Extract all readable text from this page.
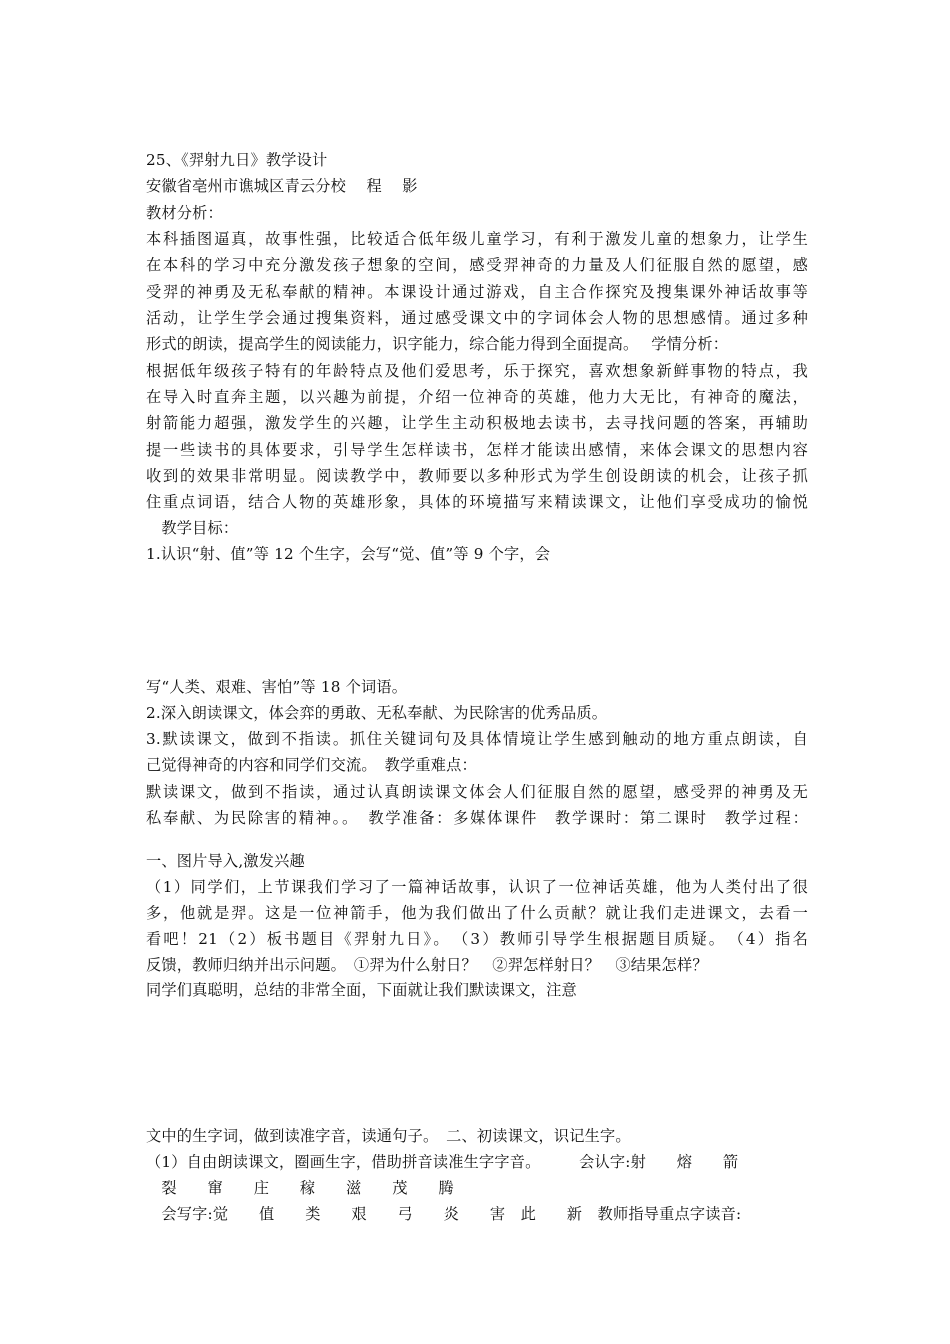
25、《羿射九日》教学设计
安徽省亳州市谯城区青云分校　 程　 影
教材分析：
本科插图逼真，故事性强，比较适合低年级儿童学习，有利于激发儿童的想象力，让学生
在本科的学习中充分激发孩子想象的空间，感受羿神奇的力量及人们征服自然的愿望，感
受羿的神勇及无私奉献的精神。本课设计通过游戏，自主合作探究及搜集课外神话故事等
活动，让学生学会通过搜集资料，通过感受课文中的字词体会人物的思想感情。通过多种
形式的朗读，提高学生的阅读能力，识字能力，综合能力得到全面提高。　 学情分析：
根据低年级孩子特有的年龄特点及他们爱思考，乐于探究，喜欢想象新鲜事物的特点，我
在导入时直奔主题，以兴趣为前提，介绍一位神奇的英雄，他力大无比，有神奇的魔法，
射箭能力超强，激发学生的兴趣，让学生主动积极地去读书，去寻找问题的答案，再辅助
提一些读书的具体要求，引导学生怎样读书，怎样才能读出感情，来体会课文的思想内容
收到的效果非常明显。阅读教学中，教师要以多种形式为学生创设朗读的机会，让孩子抓
住重点词语，结合人物的英雄形象，具体的环境描写来精读课文，让他们享受成功的愉悦
　教学目标：
1.认识“射、值”等 12 个生字，会写“觉、值”等 9 个字，会
写“人类、艰难、害怕”等 18 个词语。
2.深入朗读课文，体会弈的勇敢、无私奉献、为民除害的优秀品质。
3.默读课文，做到不指读。抓住关键词句及具体情境让学生感到触动的地方重点朗读，自
己觉得神奇的内容和同学们交流。　教学重难点：
默读课文，做到不指读，通过认真朗读课文体会人们征服自然的愿望，感受羿的神勇及无
私奉献、为民除害的精神。。　教学准备：多媒体课件　教学课时：第二课时　教学过程：
一、图片导入,激发兴趣
（1）同学们，上节课我们学习了一篇神话故事，认识了一位神话英雄，他为人类付出了很
多，他就是羿。这是一位神箭手，他为我们做出了什么贡献？就让我们走进课文，去看一
看吧！21（2）板书题目《羿射九日》。　（3）教师引导学生根据题目质疑。　（4）指名
反馈，教师归纳并出示问题。　①羿为什么射日？　②羿怎样射日？　③结果怎样？
同学们真聪明，总结的非常全面，下面就让我们默读课文，注意
文中的生字词，做到读准字音，读通句子。　二、初读课文，识记生字。
（1）自由朗读课文，圈画生字，借助拼音读准生字字音。　　　会认字:射　　熔　　箭
　裂　　窜　　庄　　稼　　滋　　茂　　腾
　会写字:觉　　值　　类　　艰　　弓　　炎　　害　此　　新　教师指导重点字读音:
